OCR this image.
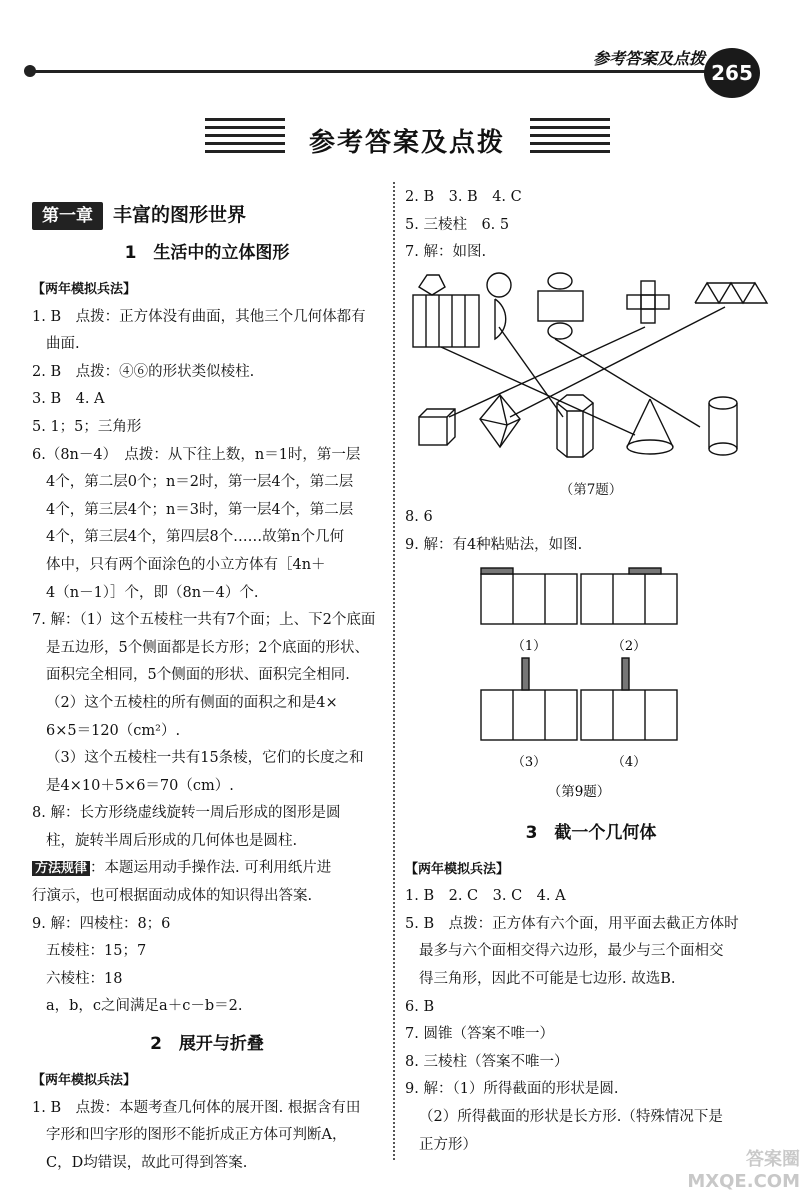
参考答案及点拨
265
参考答案及点拨
第一章	丰富的图形世界
1　生活中的立体图形
【两年模拟兵法】
1. B　点拨：正方体没有曲面，其他三个几何体都有
曲面.
2. B　点拨：④⑥的形状类似棱柱.
3. B　4. A
5. 1；5；三角形
6.（8n－4）　点拨：从下往上数，n＝1时，第一层
4个，第二层0个；n＝2时，第一层4个，第二层
4个，第三层4个；n＝3时，第一层4个，第二层
4个，第三层4个，第四层8个……故第n个几何
体中，只有两个面涂色的小立方体有［4n＋
4（n－1）］个，即（8n－4）个.
7. 解：（1）这个五棱柱一共有7个面；上、下2个底面
是五边形，5个侧面都是长方形；2个底面的形状、
面积完全相同，5个侧面的形状、面积完全相同.
（2）这个五棱柱的所有侧面的面积之和是4×
6×5＝120（cm²）.
（3）这个五棱柱一共有15条棱，它们的长度之和
是4×10＋5×6＝70（cm）.
8. 解：长方形绕虚线旋转一周后形成的图形是圆
柱，旋转半周后形成的几何体也是圆柱.
方法规律 ：本题运用动手操作法. 可利用纸片进
行演示，也可根据面动成体的知识得出答案.
9. 解：四棱柱：8；6
五棱柱：15；7
六棱柱：18
a，b，c之间满足a＋c－b＝2.
2　展开与折叠
【两年模拟兵法】
1. B　点拨：本题考查几何体的展开图. 根据含有田
字形和凹字形的图形不能折成正方体可判断A，
C，D均错误，故此可得到答案.
2. B　3. B　4. C
5. 三棱柱　6. 5
7. 解：如图.
（第7题）
8. 6
9. 解：有4种粘贴法，如图.
（1）	（2）
（3）	（4）
（第9题）
3　截一个几何体
【两年模拟兵法】
1. B　2. C　3. C　4. A
5. B　点拨：正方体有六个面，用平面去截正方体时
最多与六个面相交得六边形，最少与三个面相交
得三角形，因此不可能是七边形. 故选B.
6. B
7. 圆锥（答案不唯一）
8. 三棱柱（答案不唯一）
9. 解：（1）所得截面的形状是圆.
（2）所得截面的形状是长方形.（特殊情况下是
正方形）
答案圈 MXQE.COM
